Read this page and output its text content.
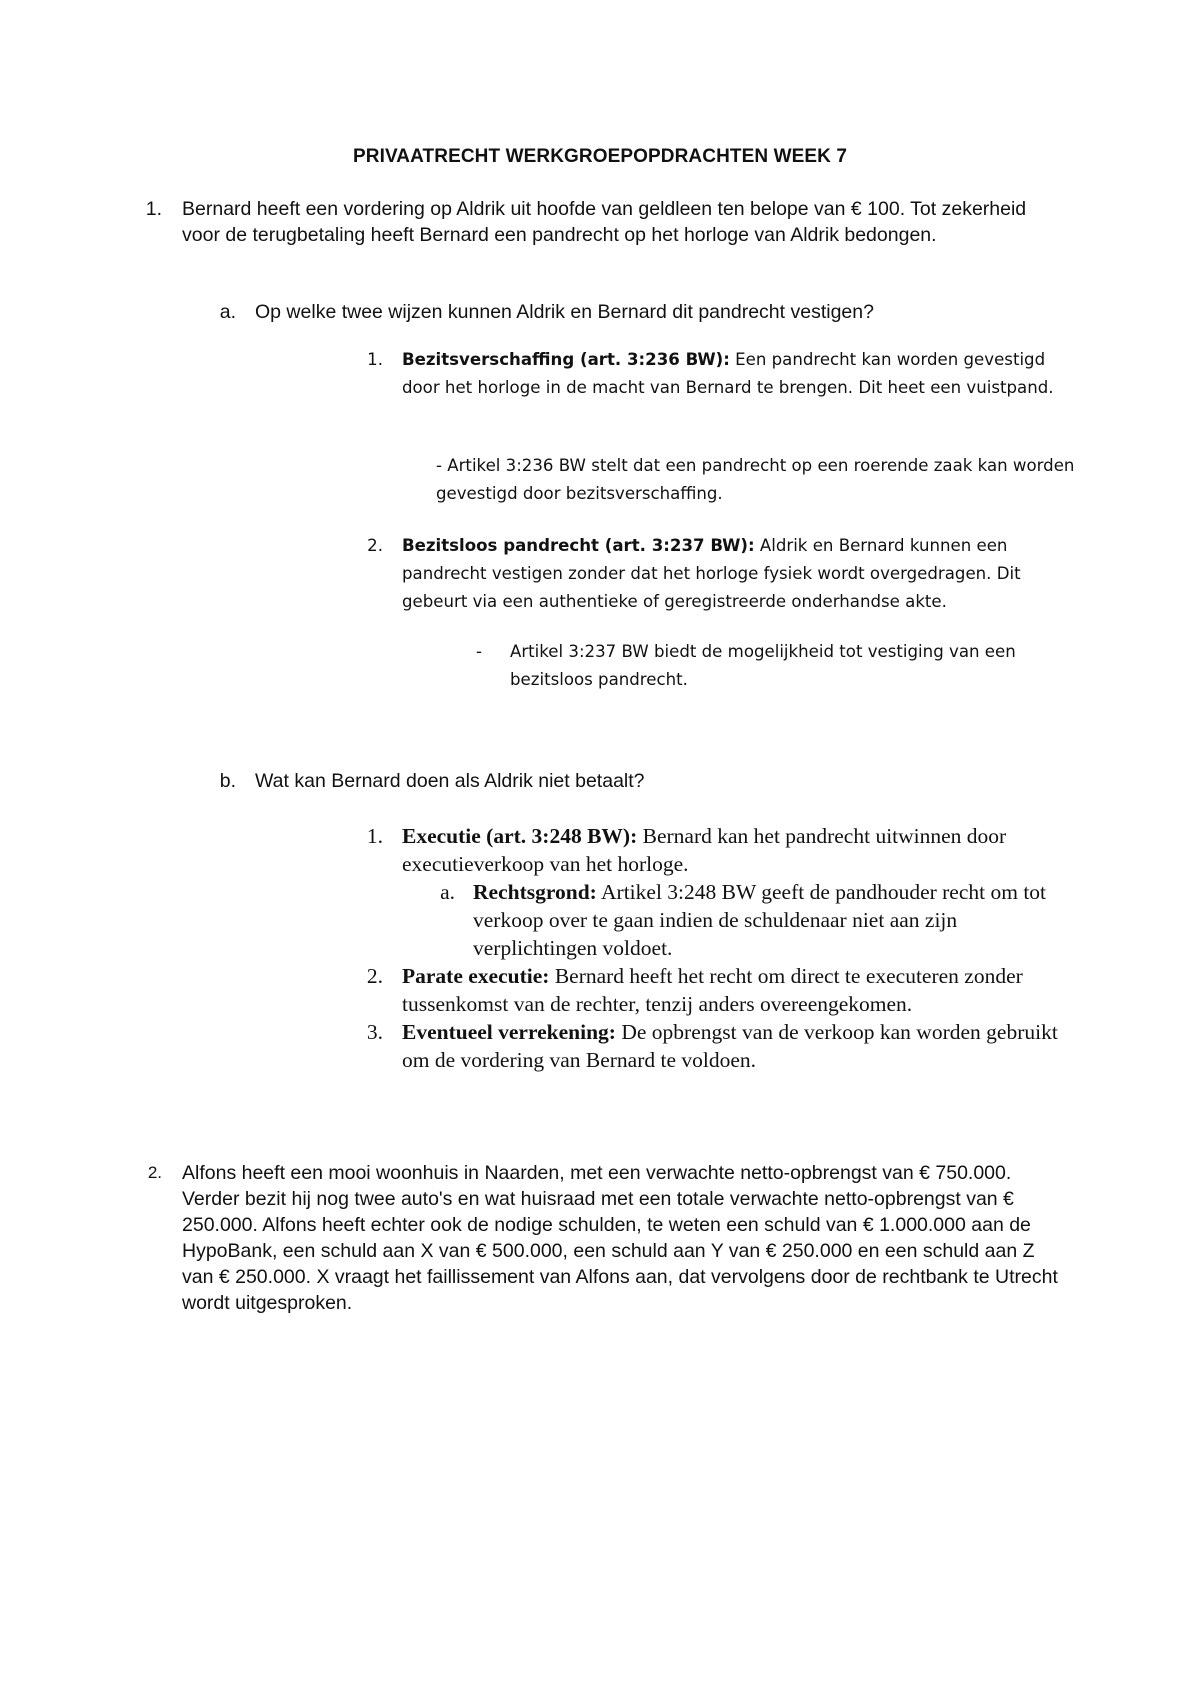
PRIVAATRECHT WERKGROEPOPDRACHTEN WEEK 7
1. Bernard heeft een vordering op Aldrik uit hoofde van geldleen ten belope van € 100. Tot zekerheid voor de terugbetaling heeft Bernard een pandrecht op het horloge van Aldrik bedongen.
a. Op welke twee wijzen kunnen Aldrik en Bernard dit pandrecht vestigen?
1. Bezitsverschaffing (art. 3:236 BW): Een pandrecht kan worden gevestigd door het horloge in de macht van Bernard te brengen. Dit heet een vuistpand.
- Artikel 3:236 BW stelt dat een pandrecht op een roerende zaak kan worden gevestigd door bezitsverschaffing.
2. Bezitsloos pandrecht (art. 3:237 BW): Aldrik en Bernard kunnen een pandrecht vestigen zonder dat het horloge fysiek wordt overgedragen. Dit gebeurt via een authentieke of geregistreerde onderhandse akte.
- Artikel 3:237 BW biedt de mogelijkheid tot vestiging van een bezitsloos pandrecht.
b. Wat kan Bernard doen als Aldrik niet betaalt?
1. Executie (art. 3:248 BW): Bernard kan het pandrecht uitwinnen door executieverkoop van het horloge.
a. Rechtsgrond: Artikel 3:248 BW geeft de pandhouder recht om tot verkoop over te gaan indien de schuldenaar niet aan zijn verplichtingen voldoet.
2. Parate executie: Bernard heeft het recht om direct te executeren zonder tussenkomst van de rechter, tenzij anders overeengekomen.
3. Eventueel verrekening: De opbrengst van de verkoop kan worden gebruikt om de vordering van Bernard te voldoen.
2. Alfons heeft een mooi woonhuis in Naarden, met een verwachte netto-opbrengst van € 750.000. Verder bezit hij nog twee auto's en wat huisraad met een totale verwachte netto-opbrengst van € 250.000. Alfons heeft echter ook de nodige schulden, te weten een schuld van € 1.000.000 aan de HypoBank, een schuld aan X van € 500.000, een schuld aan Y van € 250.000 en een schuld aan Z van € 250.000. X vraagt het faillissement van Alfons aan, dat vervolgens door de rechtbank te Utrecht wordt uitgesproken.
